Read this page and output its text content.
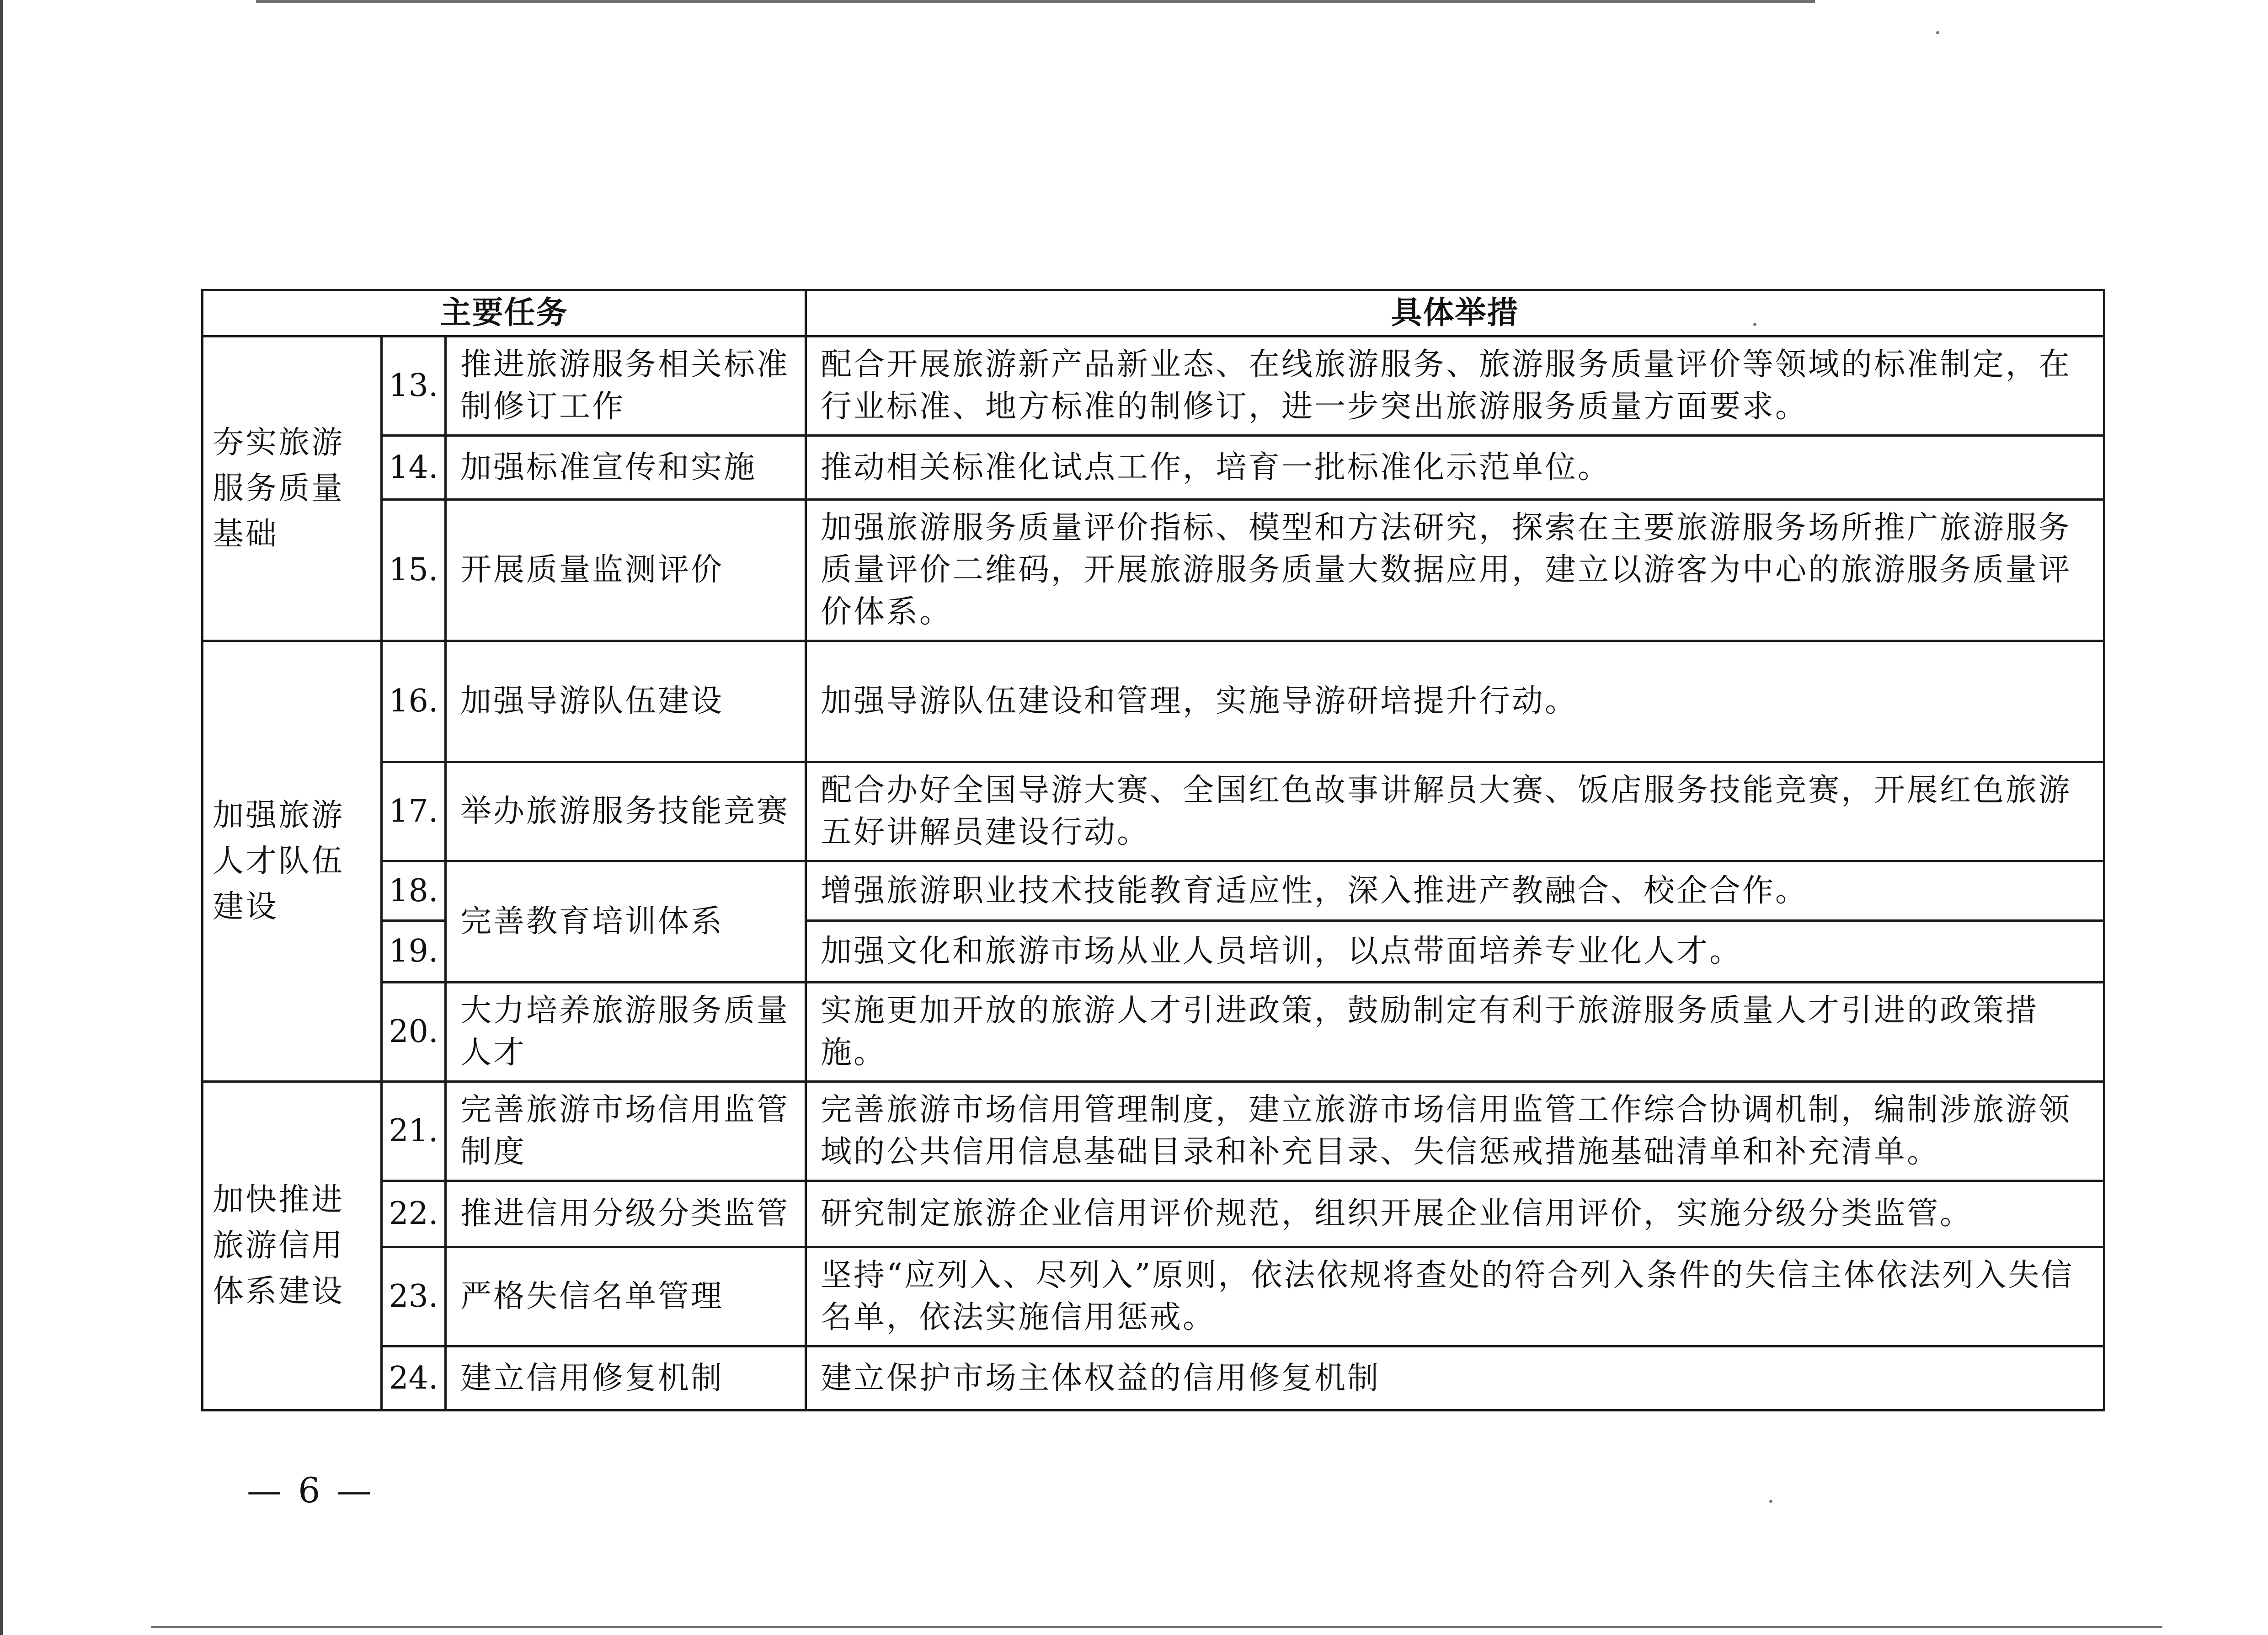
主要任务			具体举措
夯实旅游服务质量基础	13.	推进旅游服务相关标准制修订工作	配合开展旅游新产品新业态、在线旅游服务、旅游服务质量评价等领域的标准制定，在行业标准、地方标准的制修订，进一步突出旅游服务质量方面要求。
	14.	加强标准宣传和实施	推动相关标准化试点工作，培育一批标准化示范单位。
	15.	开展质量监测评价	加强旅游服务质量评价指标、模型和方法研究，探索在主要旅游服务场所推广旅游服务质量评价二维码，开展旅游服务质量大数据应用，建立以游客为中心的旅游服务质量评价体系。
加强旅游人才队伍建设	16.	加强导游队伍建设	加强导游队伍建设和管理，实施导游研培提升行动。
	17.	举办旅游服务技能竞赛	配合办好全国导游大赛、全国红色故事讲解员大赛、饭店服务技能竞赛，开展红色旅游五好讲解员建设行动。
	18.	完善教育培训体系	增强旅游职业技术技能教育适应性，深入推进产教融合、校企合作。
	19.		加强文化和旅游市场从业人员培训，以点带面培养专业化人才。
	20.	大力培养旅游服务质量人才	实施更加开放的旅游人才引进政策，鼓励制定有利于旅游服务质量人才引进的政策措施。
加快推进旅游信用体系建设	21.	完善旅游市场信用监管制度	完善旅游市场信用管理制度，建立旅游市场信用监管工作综合协调机制，编制涉旅游领域的公共信用信息基础目录和补充目录、失信惩戒措施基础清单和补充清单。
	22.	推进信用分级分类监管	研究制定旅游企业信用评价规范，组织开展企业信用评价，实施分级分类监管。
	23.	严格失信名单管理	坚持“应列入、尽列入”原则，依法依规将查处的符合列入条件的失信主体依法列入失信名单，依法实施信用惩戒。
	24.	建立信用修复机制	建立保护市场主体权益的信用修复机制
— 6 —
